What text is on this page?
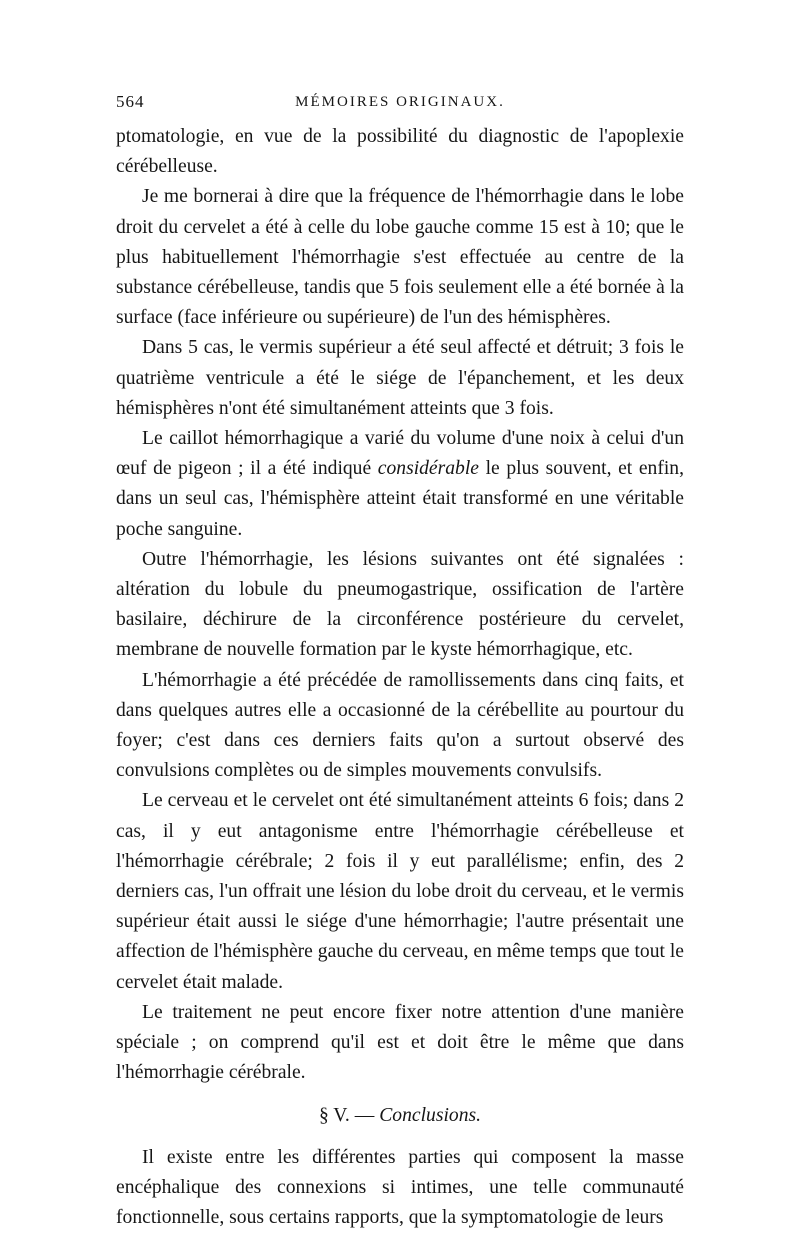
564	MÉMOIRES ORIGINAUX.

ptomatologie, en vue de la possibilité du diagnostic de l'apoplexie cérébelleuse.

Je me bornerai à dire que la fréquence de l'hémorrhagie dans le lobe droit du cervelet a été à celle du lobe gauche comme 15 est à 10; que le plus habituellement l'hémorrhagie s'est effectuée au centre de la substance cérébelleuse, tandis que 5 fois seulement elle a été bornée à la surface (face inférieure ou supérieure) de l'un des hémisphères.

Dans 5 cas, le vermis supérieur a été seul affecté et détruit; 3 fois le quatrième ventricule a été le siége de l'épanchement, et les deux hémisphères n'ont été simultanément atteints que 3 fois.

Le caillot hémorrhagique a varié du volume d'une noix à celui d'un œuf de pigeon ; il a été indiqué considérable le plus souvent, et enfin, dans un seul cas, l'hémisphère atteint était transformé en une véritable poche sanguine.

Outre l'hémorrhagie, les lésions suivantes ont été signalées : altération du lobule du pneumogastrique, ossification de l'artère basilaire, déchirure de la circonférence postérieure du cervelet, membrane de nouvelle formation par le kyste hémorrhagique, etc.

L'hémorrhagie a été précédée de ramollissements dans cinq faits, et dans quelques autres elle a occasionné de la cérébellite au pourtour du foyer; c'est dans ces derniers faits qu'on a surtout observé des convulsions complètes ou de simples mouvements convulsifs.

Le cerveau et le cervelet ont été simultanément atteints 6 fois; dans 2 cas, il y eut antagonisme entre l'hémorrhagie cérébelleuse et l'hémorrhagie cérébrale; 2 fois il y eut parallélisme; enfin, des 2 derniers cas, l'un offrait une lésion du lobe droit du cerveau, et le vermis supérieur était aussi le siége d'une hémorrhagie; l'autre présentait une affection de l'hémisphère gauche du cerveau, en même temps que tout le cervelet était malade.

Le traitement ne peut encore fixer notre attention d'une manière spéciale ; on comprend qu'il est et doit être le même que dans l'hémorrhagie cérébrale.

§ V. — Conclusions.

Il existe entre les différentes parties qui composent la masse encéphalique des connexions si intimes, une telle communauté fonctionnelle, sous certains rapports, que la symptomatologie de leurs
